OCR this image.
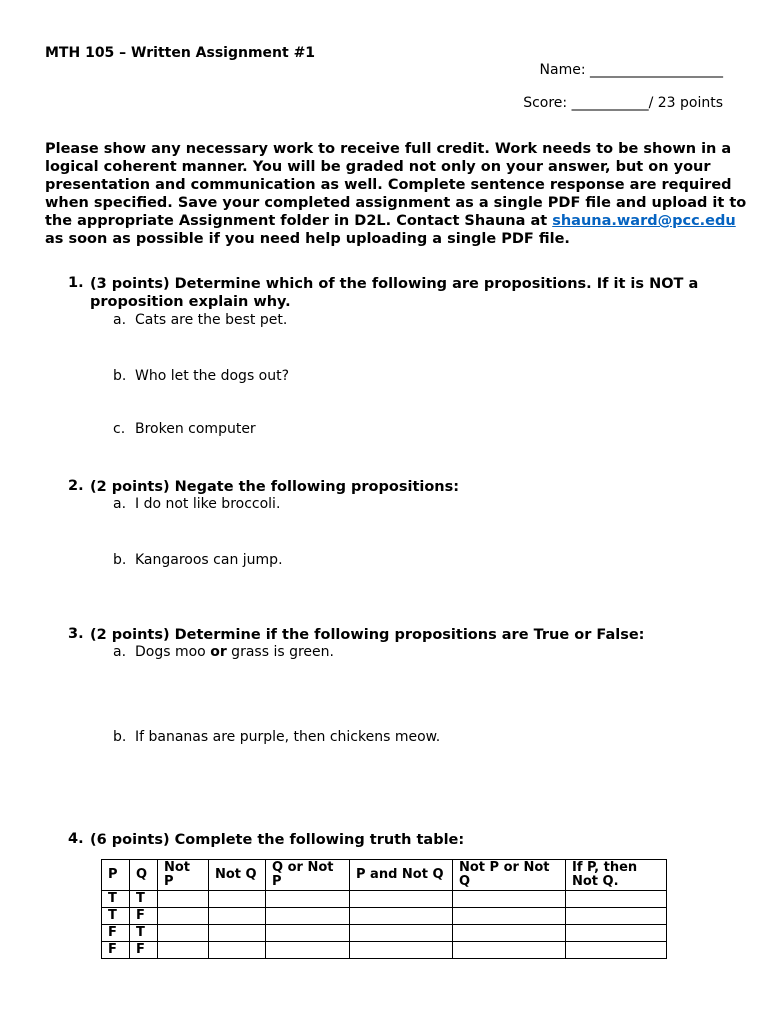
MTH 105 – Written Assignment #1
Name: ___________________
Score: ___________/ 23 points
Please show any necessary work to receive full credit. Work needs to be shown in a
logical coherent manner. You will be graded not only on your answer, but on your
presentation and communication as well. Complete sentence response are required
when specified. Save your completed assignment as a single PDF file and upload it to
the appropriate Assignment folder in D2L. Contact Shauna at shauna.ward@pcc.edu
as soon as possible if you need help uploading a single PDF file.
1. (3 points) Determine which of the following are propositions. If it is NOT a
proposition explain why.
a. Cats are the best pet.
b. Who let the dogs out?
c. Broken computer
2. (2 points) Negate the following propositions:
a. I do not like broccoli.
b. Kangaroos can jump.
3. (2 points) Determine if the following propositions are True or False:
a. Dogs moo or grass is green.
b. If bananas are purple, then chickens meow.
4. (6 points) Complete the following truth table:
P	Q	Not P	Not Q	Q or Not P	P and Not Q	Not P or Not Q	If P, then Not Q.
T	T						
T	F						
F	T						
F	F						
